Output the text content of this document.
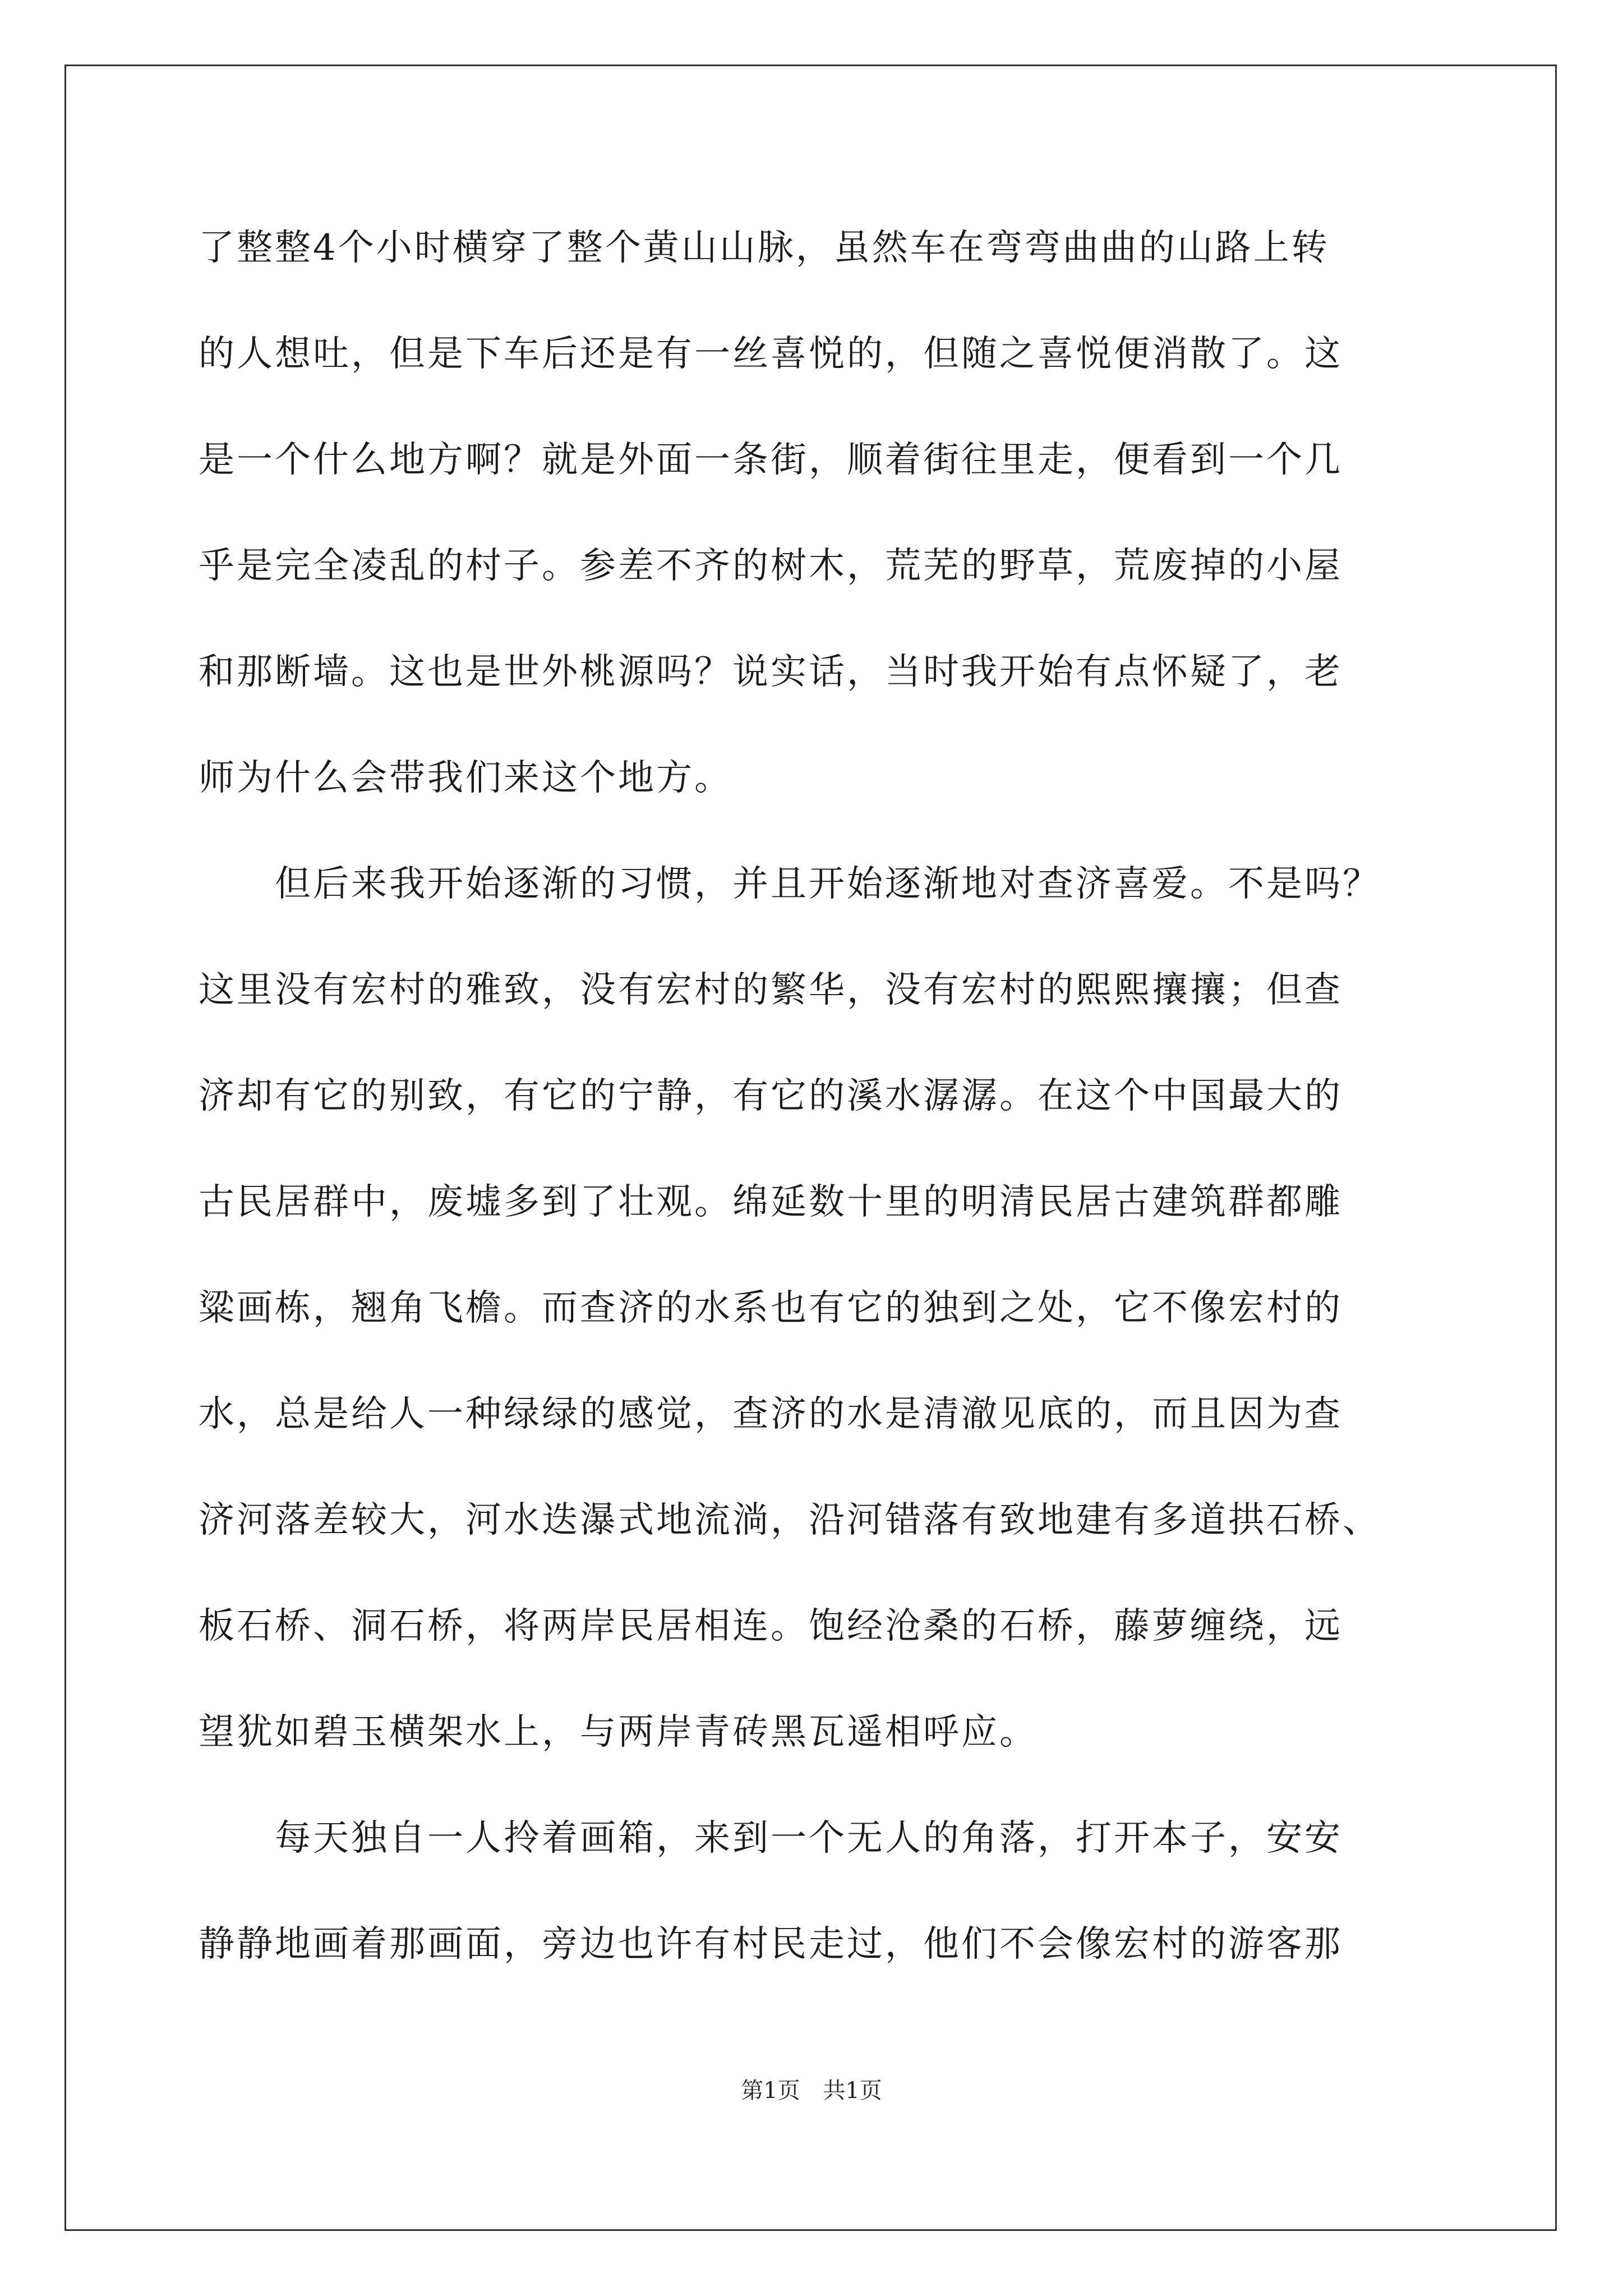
了整整4个小时横穿了整个黄山山脉，虽然车在弯弯曲曲的山路上转
的人想吐，但是下车后还是有一丝喜悦的，但随之喜悦便消散了。这
是一个什么地方啊？就是外面一条街，顺着街往里走，便看到一个几
乎是完全凌乱的村子。参差不齐的树木，荒芜的野草，荒废掉的小屋
和那断墙。这也是世外桃源吗？说实话，当时我开始有点怀疑了，老
师为什么会带我们来这个地方。
　　但后来我开始逐渐的习惯，并且开始逐渐地对查济喜爱。不是吗？
这里没有宏村的雅致，没有宏村的繁华，没有宏村的熙熙攘攘；但查
济却有它的别致，有它的宁静，有它的溪水潺潺。在这个中国最大的
古民居群中，废墟多到了壮观。绵延数十里的明清民居古建筑群都雕
粱画栋，翘角飞檐。而查济的水系也有它的独到之处，它不像宏村的
水，总是给人一种绿绿的感觉，查济的水是清澈见底的，而且因为查
济河落差较大，河水迭瀑式地流淌，沿河错落有致地建有多道拱石桥、
板石桥、洞石桥，将两岸民居相连。饱经沧桑的石桥，藤萝缠绕，远
望犹如碧玉横架水上，与两岸青砖黑瓦遥相呼应。
　　每天独自一人拎着画箱，来到一个无人的角落，打开本子，安安
静静地画着那画面，旁边也许有村民走过，他们不会像宏村的游客那
第1页 共1页
